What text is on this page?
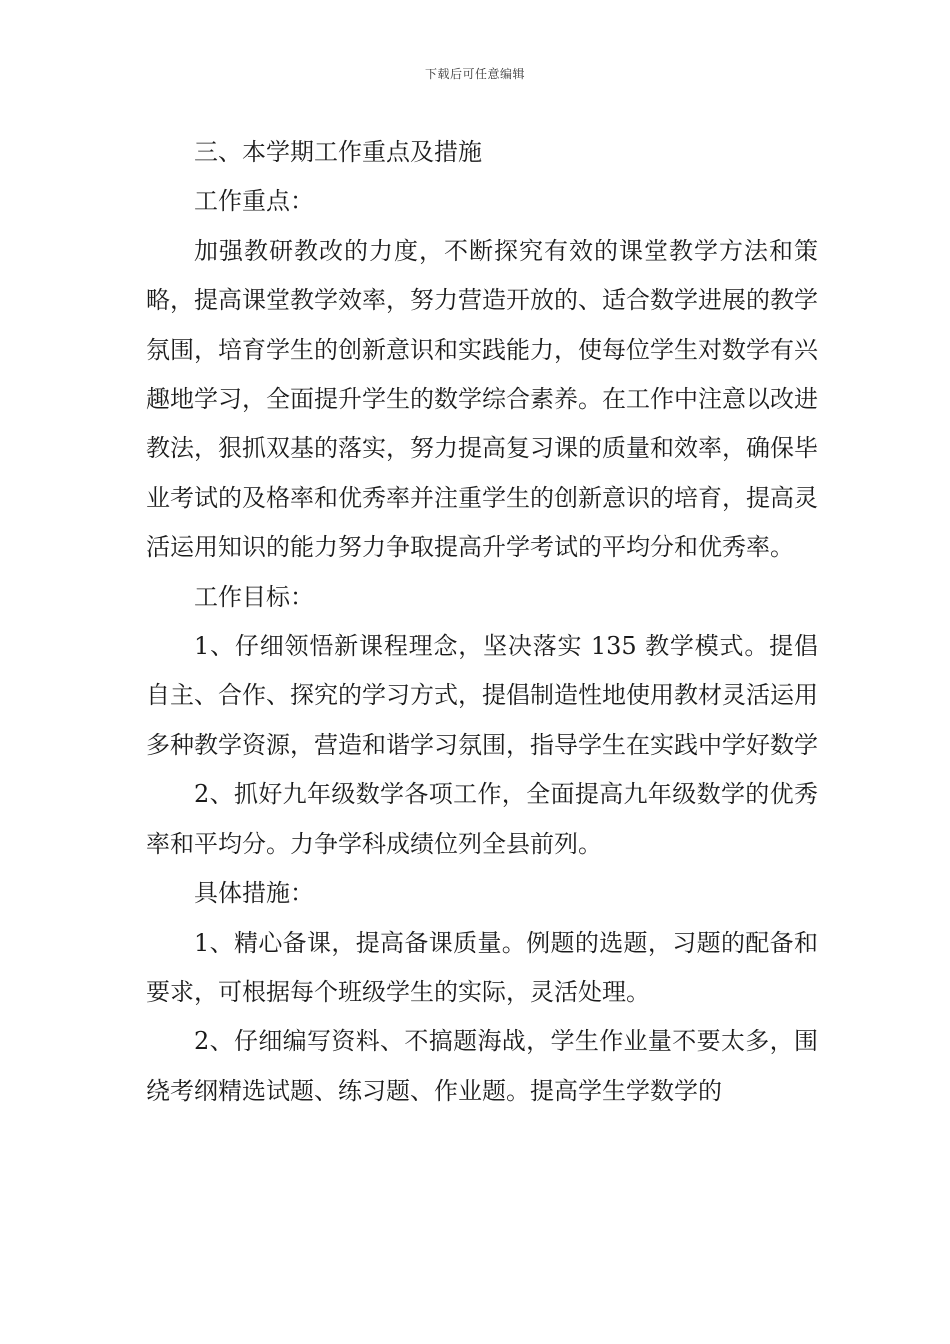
下载后可任意编辑

三、本学期工作重点及措施

工作重点：

加强教研教改的力度，不断探究有效的课堂教学方法和策略，提高课堂教学效率，努力营造开放的、适合数学进展的教学氛围，培育学生的创新意识和实践能力，使每位学生对数学有兴趣地学习，全面提升学生的数学综合素养。在工作中注意以改进教法，狠抓双基的落实，努力提高复习课的质量和效率，确保毕业考试的及格率和优秀率并注重学生的创新意识的培育，提高灵活运用知识的能力努力争取提高升学考试的平均分和优秀率。

工作目标：

1、仔细领悟新课程理念，坚决落实 135 教学模式。提倡自主、合作、探究的学习方式，提倡制造性地使用教材灵活运用多种教学资源，营造和谐学习氛围，指导学生在实践中学好数学

2、抓好九年级数学各项工作，全面提高九年级数学的优秀率和平均分。力争学科成绩位列全县前列。

具体措施：

1、精心备课，提高备课质量。例题的选题，习题的配备和要求，可根据每个班级学生的实际，灵活处理。

2、仔细编写资料、不搞题海战，学生作业量不要太多，围绕考纲精选试题、练习题、作业题。提高学生学数学的
